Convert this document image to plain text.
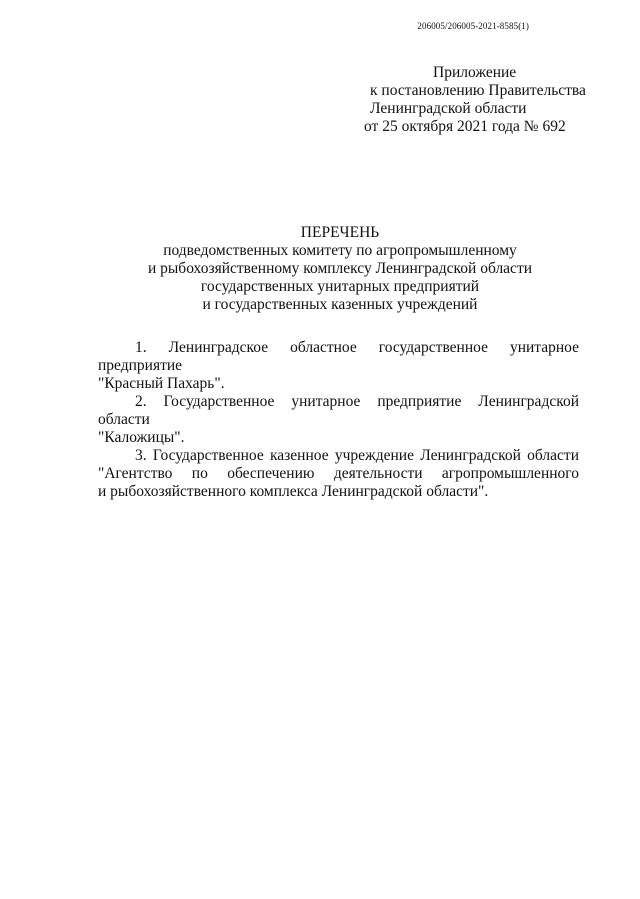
206005/206005-2021-8585(1)
Приложение
к постановлению Правительства
Ленинградской области
от 25 октября 2021 года № 692
ПЕРЕЧЕНЬ
подведомственных комитету по агропромышленному
и рыбохозяйственному комплексу Ленинградской области
государственных унитарных предприятий
и государственных казенных учреждений

1. Ленинградское областное государственное унитарное предприятие

"Красный Пахарь".

2. Государственное унитарное предприятие Ленинградской области

"Каложицы".

3. Государственное казенное учреждение Ленинградской области

"Агентство по обеспечению деятельности агропромышленного

и рыбохозяйственного комплекса Ленинградской области".
